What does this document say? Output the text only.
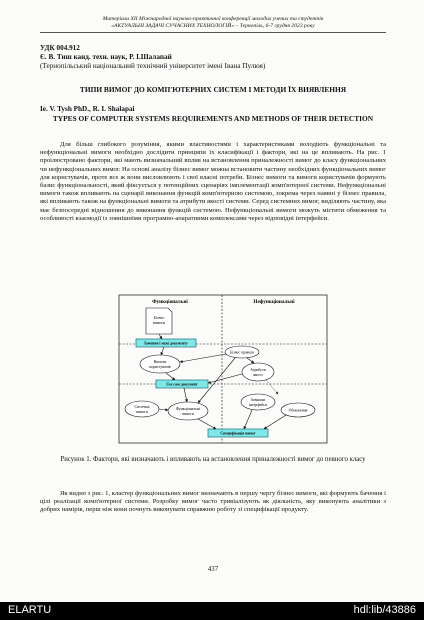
Матеріали XII Міжнародної науково-практичної конференції молодих учених та студентів
«АКТУАЛЬНІ ЗАДАЧІ СУЧАСНИХ ТЕХНОЛОГІЙ» – Тернопіль, 6-7 грудня 2023 року
УДК 004.912
Є. В. Тиш канд. техн. наук, Р. І.Шалапай
(Тернопільський національний технічний університет імені Івана Пулюя)
ТИПИ ВИМОГ ДО КОМП'ЮТЕРНИХ СИСТЕМ І МЕТОДИ ЇХ ВИЯВЛЕННЯ
Ie. V. Tysh PhD., R. I. Shalapai
TYPES OF COMPUTER SYSTEMS REQUIREMENTS AND METHODS OF THEIR DETECTION

Для більш глибокого розуміння, якими властивостями і характеристиками володіють функціональні та нефункціональні вимоги необхідно дослідити принципи їх класифікації і фактори, які на це впливають. На рис. 1 проілюстровано фактори, які мають визначальний вплив на встановлення приналежності вимог до класу функціональних чи нефункціональних вимог. На основі аналізу бізнес вимог можна встановити частину необхідних функціональних вимог для користувачів, проте все ж вони висловлюють і свої власні потреби. Бізнес вимоги та вимоги користувачів формують базис функціональності, який фіксується у потенційних сценаріях імплементації комп'ютерної системи. Нефункціональні вимоги також впливають на сценарії виконання функцій комп'ютерною системою, зокрема через наявні у бізнес правила, які впливають також на функціональні вимоги та атрибути якості системи. Серед системних вимог, виділяють частину, яка має безпосередні відношення до виконання функцій системою. Нефункціональні вимоги можуть містити обмеження та особливості взаємодії із зовнішніми програмно-апаратними комплексами через відповідні інтерфейси.

Функціональні	Нефункціональні
Бізнес
вимоги
Бачення і межі документу
Вимоги
користувачів
Use case документ
Системні
вимоги
Функціональні
вимоги
Бізнес правила
Атрибути
якості
Зовнішні
інтерфейси
Обмеження
Специфікація вимог
Рисунок 1. Фактори, які визначають і впливають на встановлення приналежності вимог до певного класу

Як видно з рис. 1, кластер функціональних вимог визначають в першу чергу бізнес вимоги, які формують бачення і цілі реалізації комп'ютерної системи. Розробку вимог часто тривіалізують як діяльність, яку виконують аналітики з добрих намірів, перш ніж вони почнуть виконувати справжню роботу зі специфікації продукту.

437
ELARTU	hdl:lib/43886
